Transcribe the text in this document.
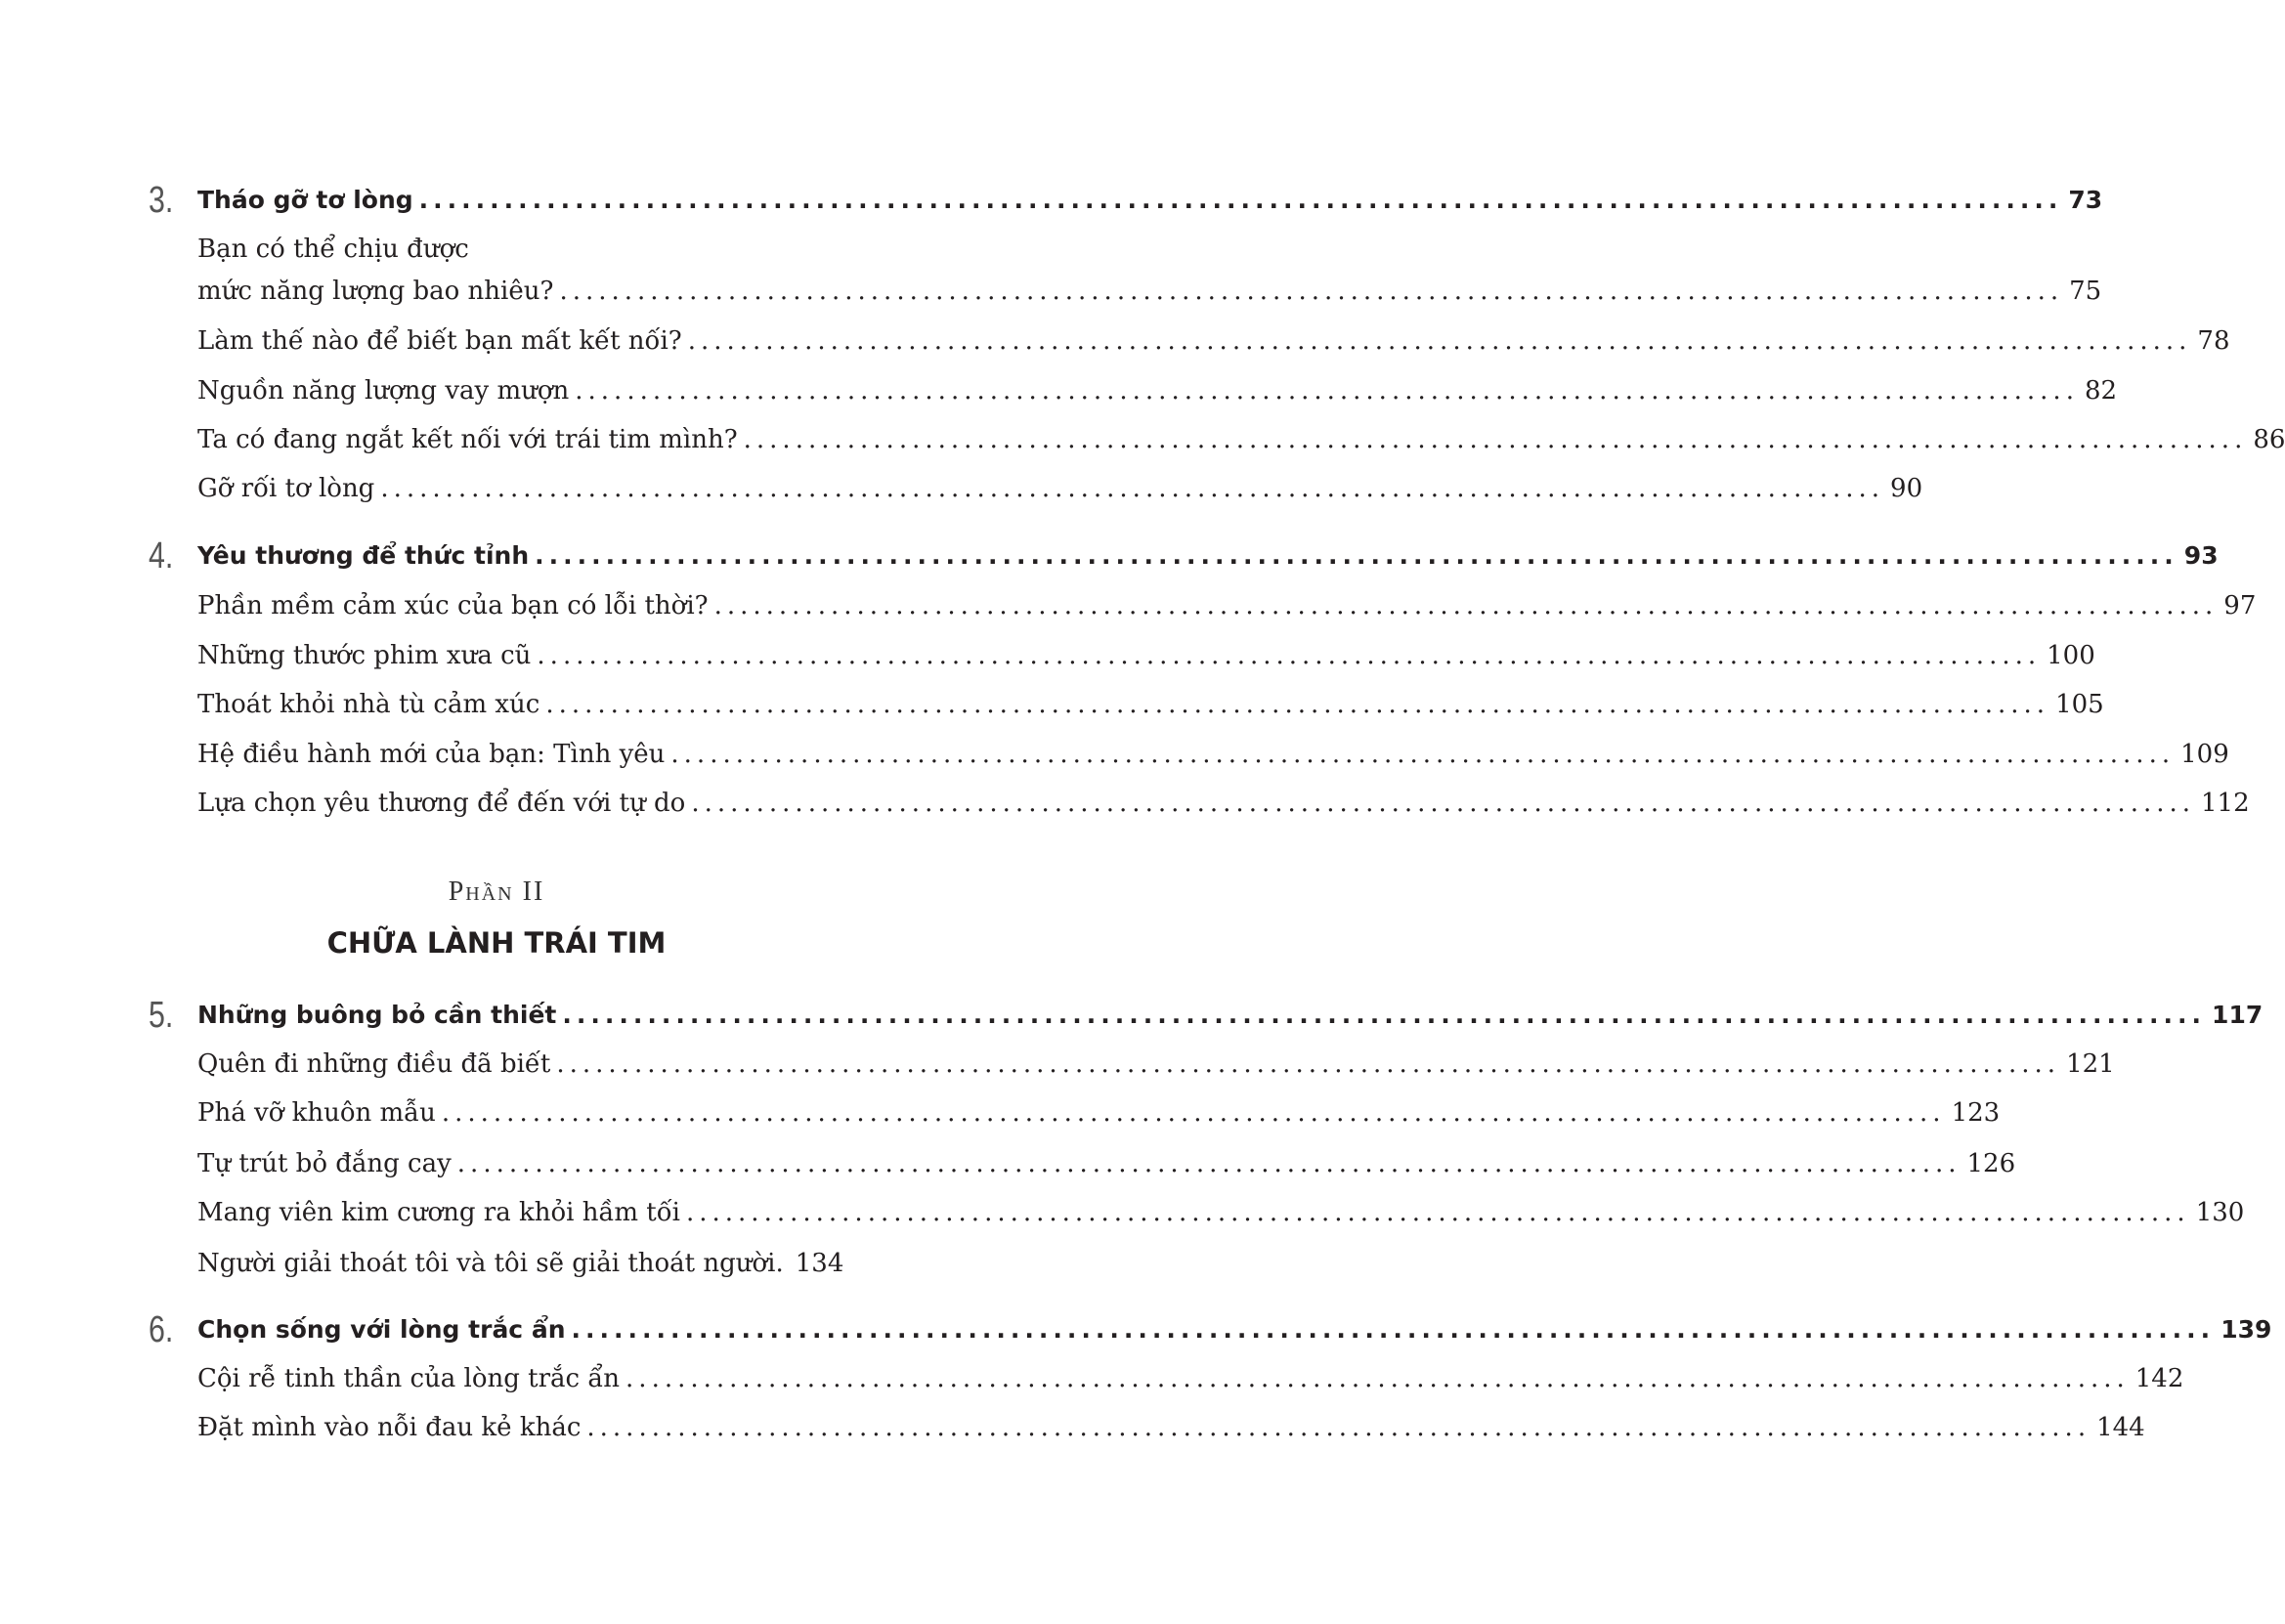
3. Tháo gỡ tơ lòng .....	73
Bạn có thể chịu được
mức năng lượng bao nhiêu? .....	75
Làm thế nào để biết bạn mất kết nối? .....	78
Nguồn năng lượng vay mượn .....	82
Ta có đang ngắt kết nối với trái tim mình? .....	86
Gỡ rối tơ lòng .....	90
4. Yêu thương để thức tỉnh .....	93
Phần mềm cảm xúc của bạn có lỗi thời? .....	97
Những thước phim xưa cũ .....	100
Thoát khỏi nhà tù cảm xúc .....	105
Hệ điều hành mới của bạn: Tình yêu .....	109
Lựa chọn yêu thương để đến với tự do .....	112
Phần II
CHỮA LÀNH TRÁI TIM
5. Những buông bỏ cần thiết .....	117
Quên đi những điều đã biết .....	121
Phá vỡ khuôn mẫu .....	123
Tự trút bỏ đắng cay .....	126
Mang viên kim cương ra khỏi hầm tối .....	130
Người giải thoát tôi và tôi sẽ giải thoát người. 134
6. Chọn sống với lòng trắc ẩn .....	139
Cội rễ tinh thần của lòng trắc ẩn .....	142
Đặt mình vào nỗi đau kẻ khác .....	144
